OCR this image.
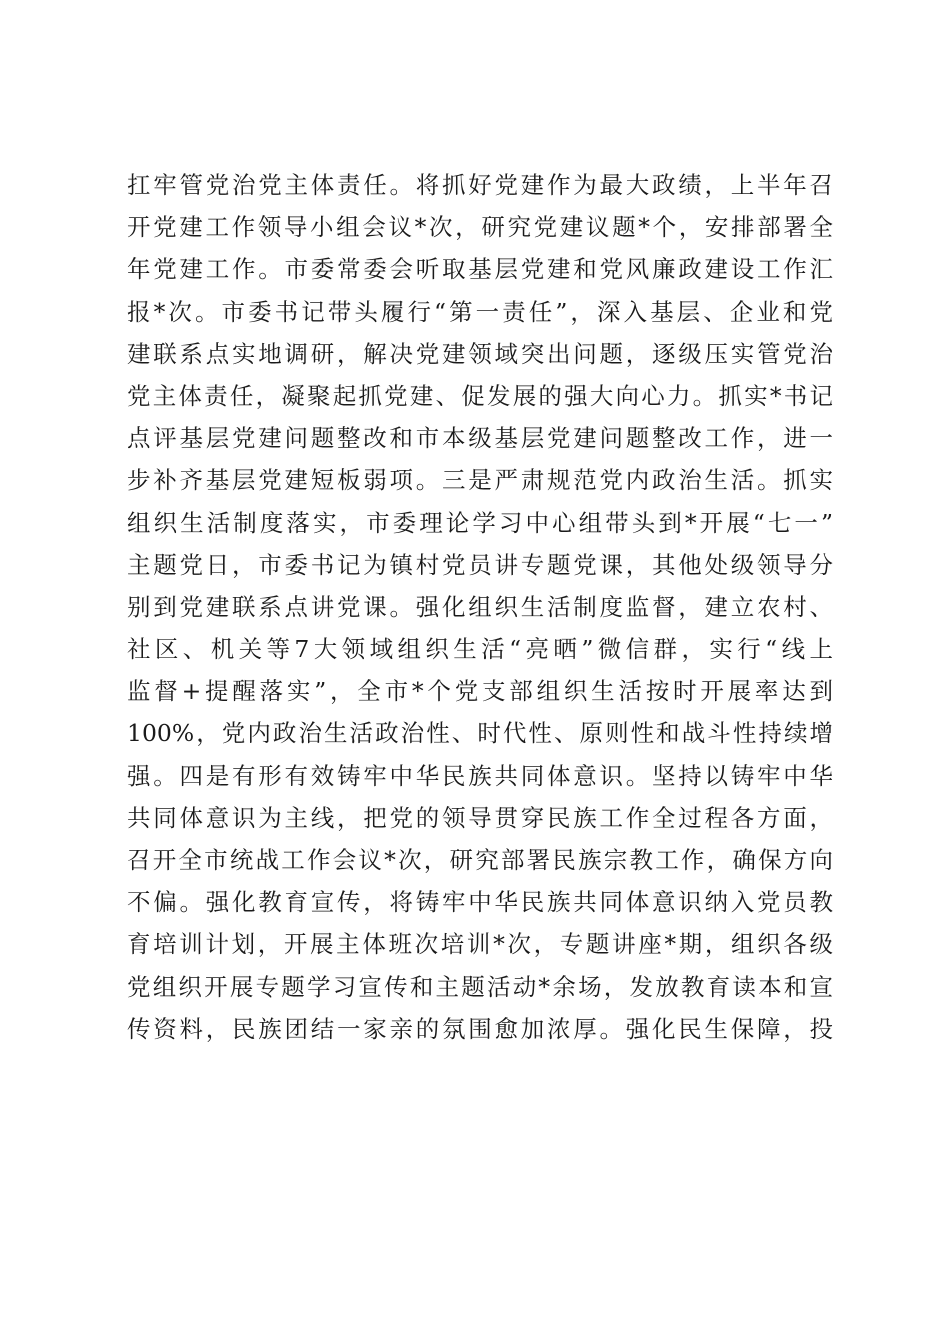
扛牢管党治党主体责任。将抓好党建作为最大政绩，上半年召
开党建工作领导小组会议*次，研究党建议题*个，安排部署全
年党建工作。市委常委会听取基层党建和党风廉政建设工作汇
报*次。市委书记带头履行“第一责任”，深入基层、企业和党
建联系点实地调研，解决党建领域突出问题，逐级压实管党治
党主体责任，凝聚起抓党建、促发展的强大向心力。抓实*书记
点评基层党建问题整改和市本级基层党建问题整改工作，进一
步补齐基层党建短板弱项。三是严肃规范党内政治生活。抓实
组织生活制度落实，市委理论学习中心组带头到*开展“七一”
主题党日，市委书记为镇村党员讲专题党课，其他处级领导分
别到党建联系点讲党课。强化组织生活制度监督，建立农村、
社区、机关等7大领域组织生活“亮晒”微信群，实行“线上
监督+提醒落实”，全市*个党支部组织生活按时开展率达到
100%，党内政治生活政治性、时代性、原则性和战斗性持续增
强。四是有形有效铸牢中华民族共同体意识。坚持以铸牢中华
共同体意识为主线，把党的领导贯穿民族工作全过程各方面，
召开全市统战工作会议*次，研究部署民族宗教工作，确保方向
不偏。强化教育宣传，将铸牢中华民族共同体意识纳入党员教
育培训计划，开展主体班次培训*次，专题讲座*期，组织各级
党组织开展专题学习宣传和主题活动*余场，发放教育读本和宣
传资料，民族团结一家亲的氛围愈加浓厚。强化民生保障，投
